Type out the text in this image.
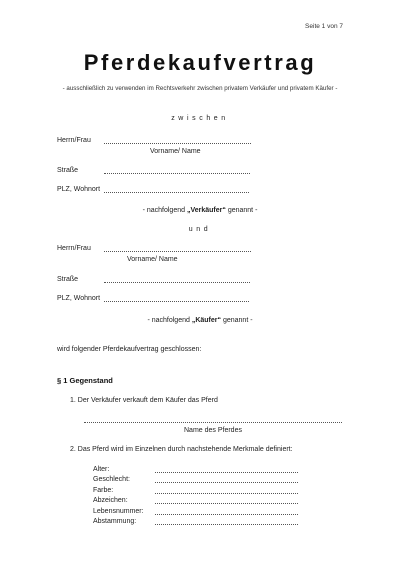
Seite 1 von 7
Pferdekaufvertrag
- ausschließlich zu verwenden im Rechtsverkehr zwischen privatem Verkäufer und privatem Käufer -
zwischen
Herrn/Frau
Vorname/ Name
Straße
PLZ, Wohnort
- nachfolgend „Verkäufer“ genannt -
und
Herrn/Frau
Vorname/ Name
Straße
PLZ, Wohnort
- nachfolgend „Käufer“ genannt -
wird folgender Pferdekaufvertrag geschlossen:
§ 1 Gegenstand
1. Der Verkäufer verkauft dem Käufer das Pferd
Name des Pferdes
2. Das Pferd wird im Einzelnen durch nachstehende Merkmale definiert:
Alter:
Geschlecht:
Farbe:
Abzeichen:
Lebensnummer:
Abstammung:
